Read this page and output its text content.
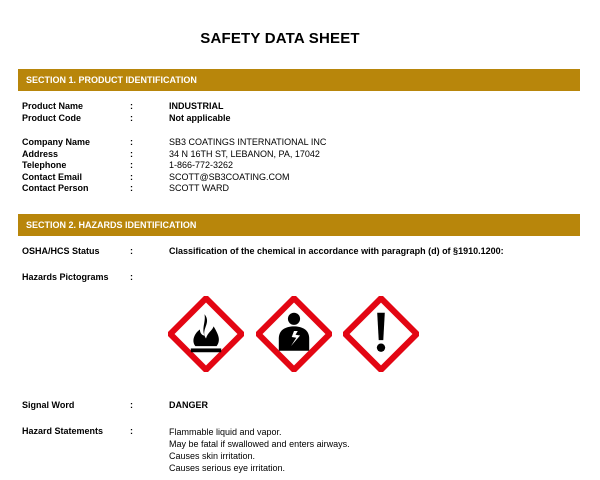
SAFETY DATA SHEET
SECTION 1. PRODUCT IDENTIFICATION
Product Name	:	INDUSTRIAL
Product Code	:	Not applicable
Company Name	:	SB3 COATINGS INTERNATIONAL INC
Address	:	34 N 16TH ST, LEBANON, PA, 17042
Telephone	:	1-866-772-3262
Contact Email	:	SCOTT@SB3COATING.COM
Contact Person	:	SCOTT WARD
SECTION 2. HAZARDS IDENTIFICATION
OSHA/HCS Status	:	Classification of the chemical in accordance with paragraph (d) of §1910.1200:
Hazards Pictograms	:
Signal Word	:	DANGER
Hazard Statements	:	Flammable liquid and vapor.
May be fatal if swallowed and enters airways.
Causes skin irritation.
Causes serious eye irritation.
